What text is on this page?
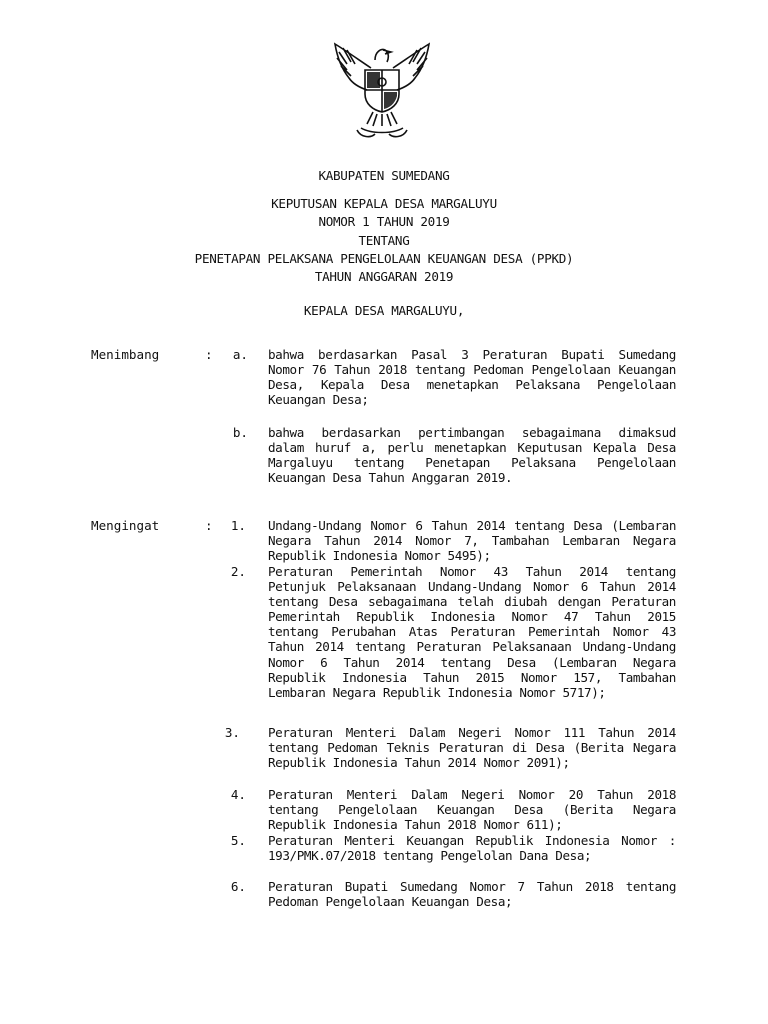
KABUPATEN SUMEDANG
KEPUTUSAN KEPALA DESA MARGALUYU
NOMOR 1 TAHUN 2019
TENTANG
PENETAPAN PELAKSANA PENGELOLAAN KEUANGAN DESA (PPKD)
TAHUN ANGGARAN 2019
KEPALA DESA MARGALUYU,
Menimbang	:	a. bahwa berdasarkan Pasal 3 Peraturan Bupati Sumedang Nomor 76 Tahun 2018 tentang Pedoman Pengelolaan Keuangan Desa, Kepala Desa menetapkan Pelaksana Pengelolaan Keuangan Desa;
b. bahwa berdasarkan pertimbangan sebagaimana dimaksud dalam huruf a, perlu menetapkan Keputusan Kepala Desa Margaluyu tentang Penetapan Pelaksana Pengelolaan Keuangan Desa Tahun Anggaran 2019.
Mengingat	:	1. Undang-Undang Nomor 6 Tahun 2014 tentang Desa (Lembaran Negara Tahun 2014 Nomor 7, Tambahan Lembaran Negara Republik Indonesia Nomor 5495);
2. Peraturan Pemerintah Nomor 43 Tahun 2014 tentang Petunjuk Pelaksanaan Undang-Undang Nomor 6 Tahun 2014 tentang Desa sebagaimana telah diubah dengan Peraturan Pemerintah Republik Indonesia Nomor 47 Tahun 2015 tentang Perubahan Atas Peraturan Pemerintah Nomor 43 Tahun 2014 tentang Peraturan Pelaksanaan Undang-Undang Nomor 6 Tahun 2014 tentang Desa (Lembaran Negara Republik Indonesia Tahun 2015 Nomor 157, Tambahan Lembaran Negara Republik Indonesia Nomor 5717);
3. Peraturan Menteri Dalam Negeri Nomor 111 Tahun 2014 tentang Pedoman Teknis Peraturan di Desa (Berita Negara Republik Indonesia Tahun 2014 Nomor 2091);
4. Peraturan Menteri Dalam Negeri Nomor 20 Tahun 2018 tentang Pengelolaan Keuangan Desa (Berita Negara Republik Indonesia Tahun 2018 Nomor 611);
5. Peraturan Menteri Keuangan Republik Indonesia Nomor : 193/PMK.07/2018 tentang Pengelolan Dana Desa;
6. Peraturan Bupati Sumedang Nomor 7 Tahun 2018 tentang Pedoman Pengelolaan Keuangan Desa;
